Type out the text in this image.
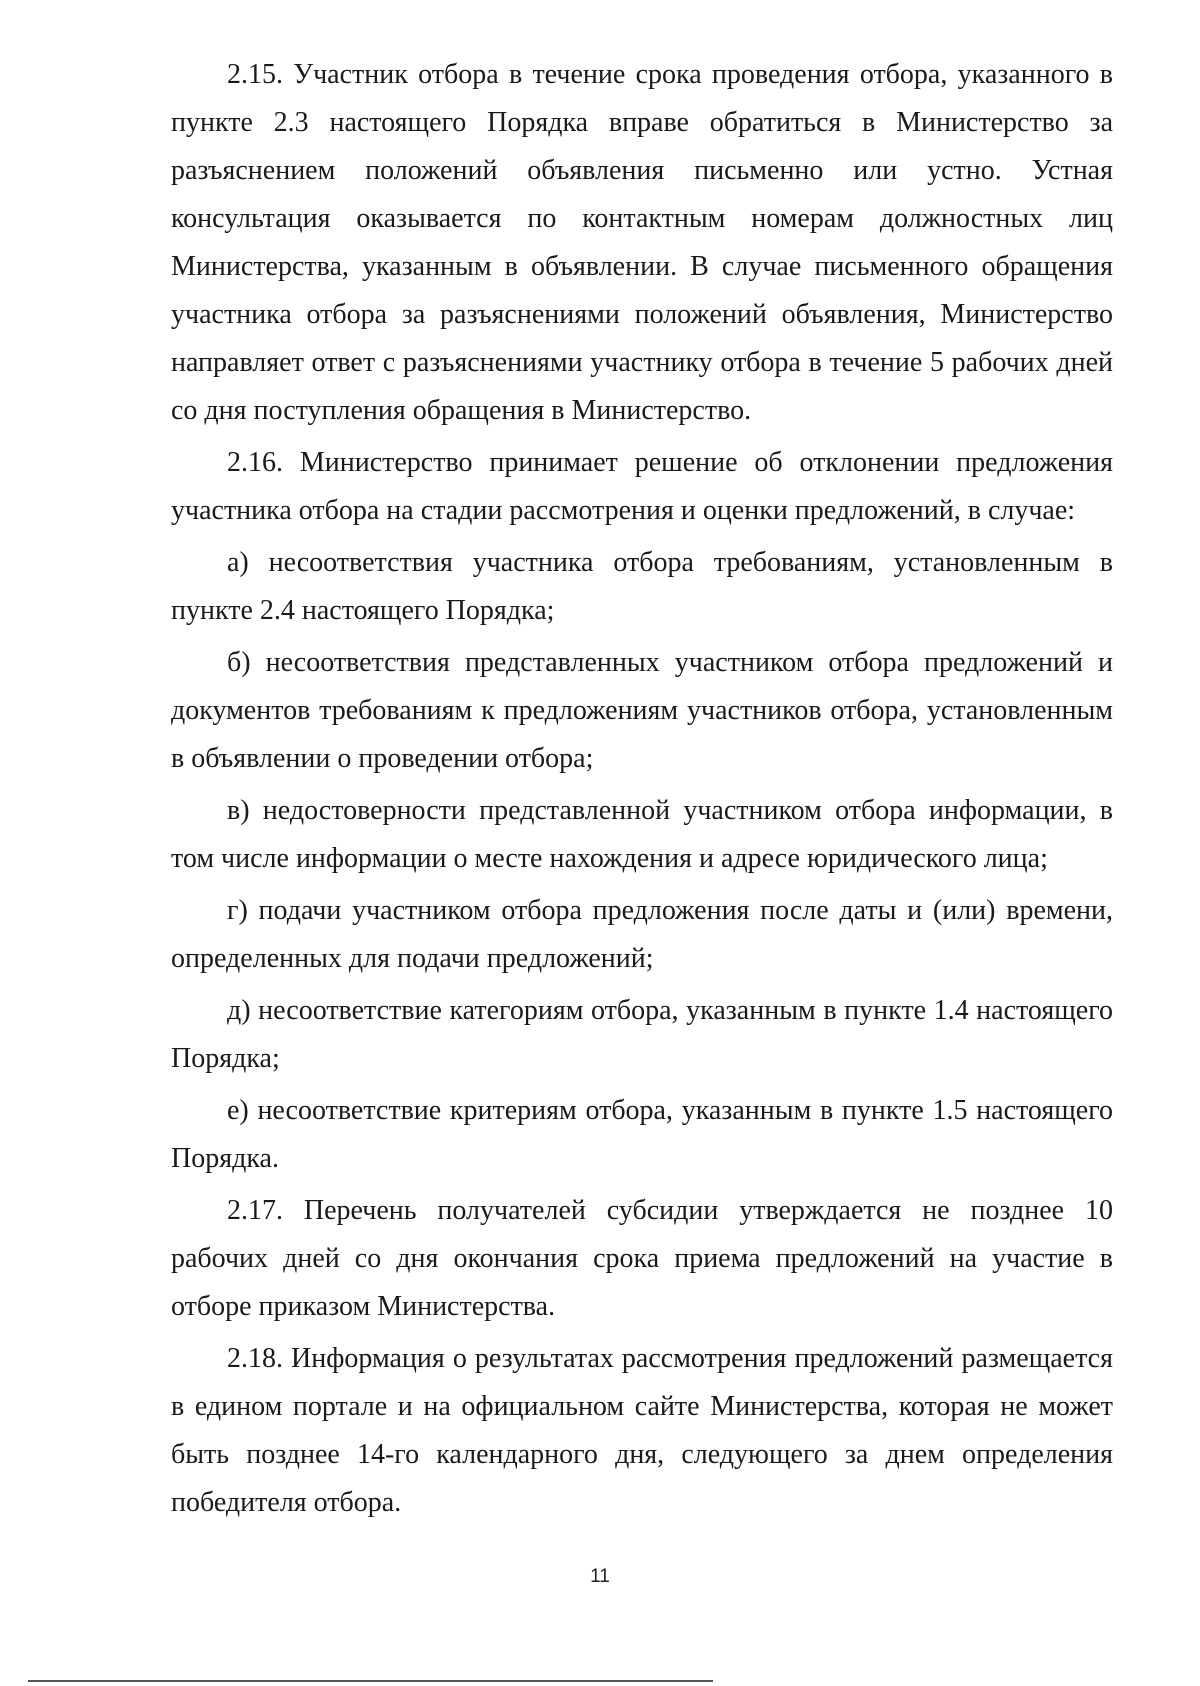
2.15. Участник отбора в течение срока проведения отбора, указанного в пункте 2.3 настоящего Порядка вправе обратиться в Министерство за разъяснением положений объявления письменно или устно. Устная консультация оказывается по контактным номерам должностных лиц Министерства, указанным в объявлении. В случае письменного обращения участника отбора за разъяснениями положений объявления, Министерство направляет ответ с разъяснениями участнику отбора в течение 5 рабочих дней со дня поступления обращения в Министерство.

2.16. Министерство принимает решение об отклонении предложения участника отбора на стадии рассмотрения и оценки предложений, в случае:

а) несоответствия участника отбора требованиям, установленным в пункте 2.4 настоящего Порядка;

б) несоответствия представленных участником отбора предложений и документов требованиям к предложениям участников отбора, установленным в объявлении о проведении отбора;

в) недостоверности представленной участником отбора информации, в том числе информации о месте нахождения и адресе юридического лица;

г) подачи участником отбора предложения после даты и (или) времени, определенных для подачи предложений;

д) несоответствие категориям отбора, указанным в пункте 1.4 настоящего Порядка;

е) несоответствие критериям отбора, указанным в пункте 1.5 настоящего Порядка.

2.17. Перечень получателей субсидии утверждается не позднее 10 рабочих дней со дня окончания срока приема предложений на участие в отборе приказом Министерства.

2.18. Информация о результатах рассмотрения предложений размещается в едином портале и на официальном сайте Министерства, которая не может быть позднее 14-го календарного дня, следующего за днем определения победителя отбора.

11
